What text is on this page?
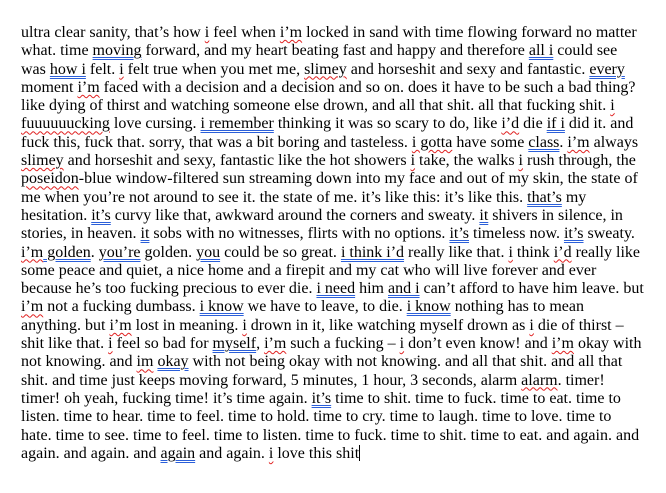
ultra clear sanity, that’s how i feel when i’m locked in sand with time flowing forward no matter
what. time moving forward, and my heart beating fast and happy and therefore all i could see
was how i felt. i felt true when you met me, slimey and horseshit and sexy and fantastic. every
moment i’m faced with a decision and a decision and so on. does it have to be such a bad thing?
like dying of thirst and watching someone else drown, and all that shit. all that fucking shit. i
fuuuuuucking love cursing. i remember thinking it was so scary to do, like i’d die if i did it. and
fuck this, fuck that. sorry, that was a bit boring and tasteless. i gotta have some class. i’m always
slimey and horseshit and sexy, fantastic like the hot showers i take, the walks i rush through, the
poseidon-blue window-filtered sun streaming down into my face and out of my skin, the state of
me when you’re not around to see it. the state of me. it’s like this: it’s like this. that’s my
hesitation. it’s curvy like that, awkward around the corners and sweaty. it shivers in silence, in
stories, in heaven. it sobs with no witnesses, flirts with no options. it’s timeless now. it’s sweaty.
i’m golden. you’re golden. you could be so great. i think i’d really like that. i think i’d really like
some peace and quiet, a nice home and a firepit and my cat who will live forever and ever
because he’s too fucking precious to ever die. i need him and i can’t afford to have him leave. but
i’m not a fucking dumbass. i know we have to leave, to die. i know nothing has to mean
anything. but i’m lost in meaning. i drown in it, like watching myself drown as i die of thirst –
shit like that. i feel so bad for myself, i’m such a fucking – i don’t even know! and i’m okay with
not knowing. and im okay with not being okay with not knowing. and all that shit. and all that
shit. and time just keeps moving forward, 5 minutes, 1 hour, 3 seconds, alarm alarm. timer!
timer! oh yeah, fucking time! it’s time again. it’s time to shit. time to fuck. time to eat. time to
listen. time to hear. time to feel. time to hold. time to cry. time to laugh. time to love. time to
hate. time to see. time to feel. time to listen. time to fuck. time to shit. time to eat. and again. and
again. and again. and again and again. i love this shit
